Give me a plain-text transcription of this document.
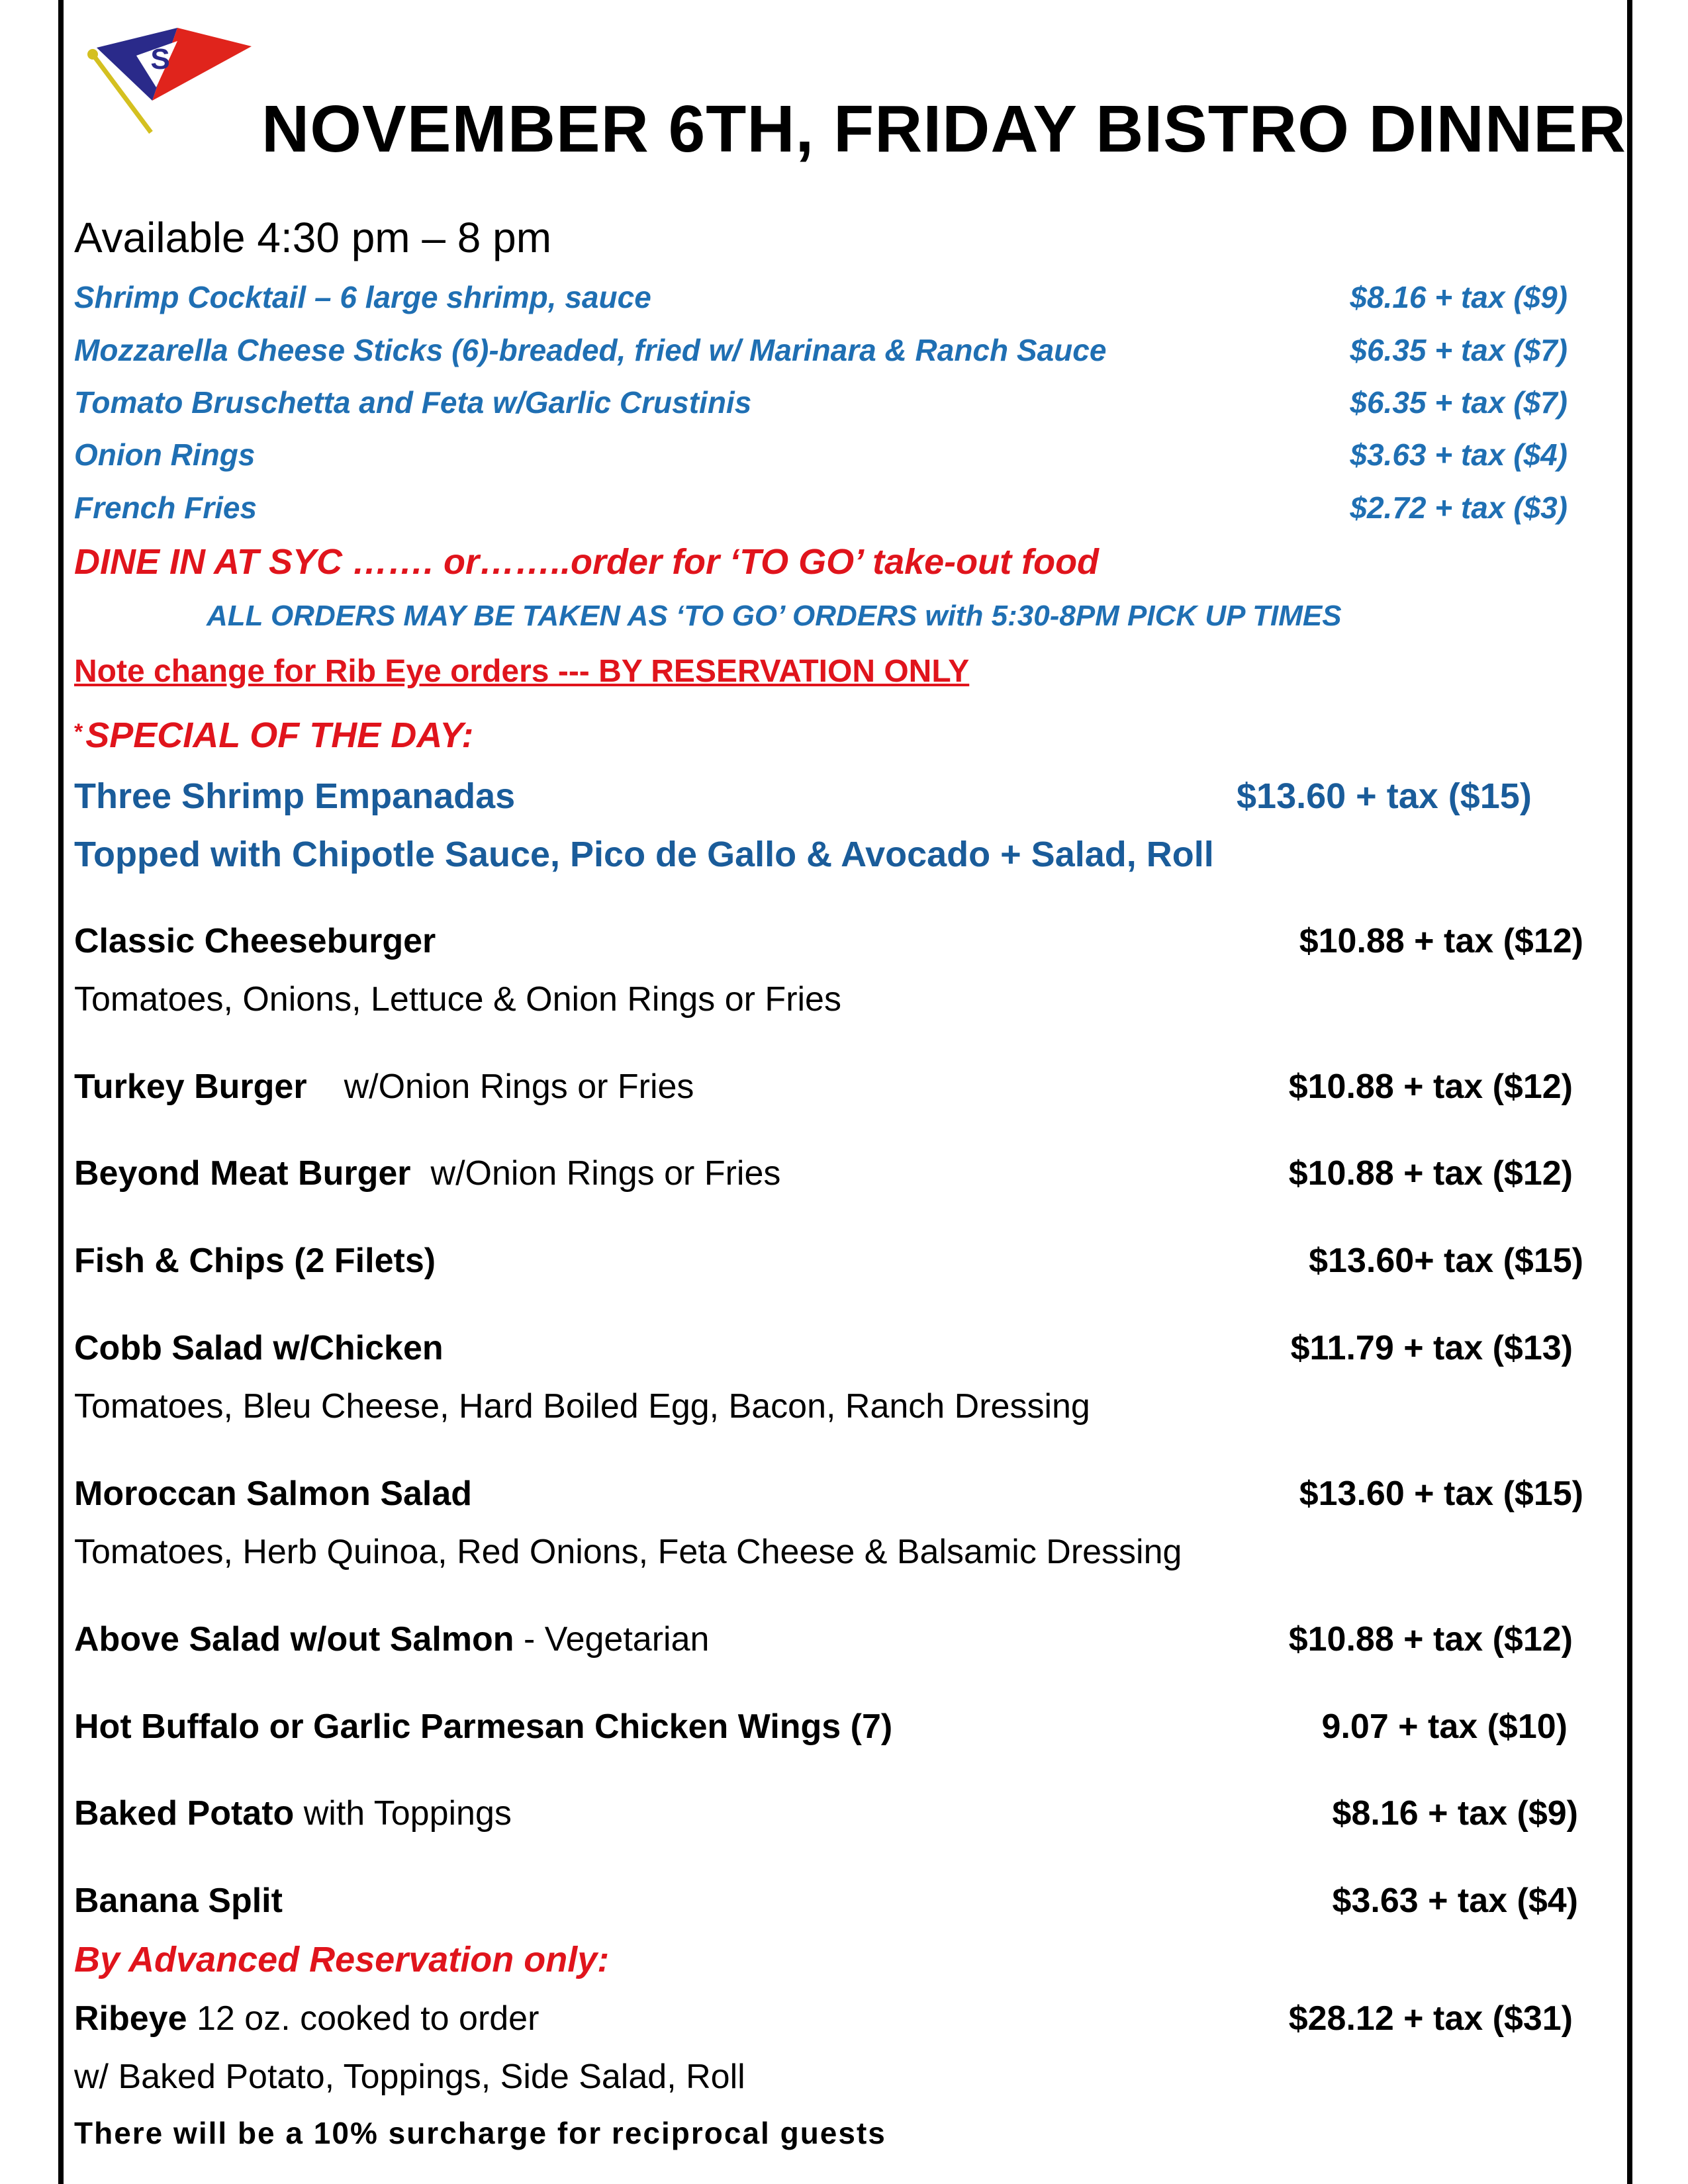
S
NOVEMBER 6TH, FRIDAY BISTRO DINNER
Available 4:30 pm – 8 pm
Shrimp Cocktail – 6 large shrimp, sauce	$8.16 + tax ($9)
Mozzarella Cheese Sticks (6)-breaded, fried w/ Marinara & Ranch Sauce	$6.35 + tax ($7)
Tomato Bruschetta and Feta w/Garlic Crustinis	$6.35 + tax ($7)
Onion Rings	$3.63 + tax ($4)
French Fries	$2.72 + tax ($3)
DINE IN AT SYC ……. or……..order for ‘TO GO’ take-out food
ALL ORDERS MAY BE TAKEN AS ‘TO GO’ ORDERS with 5:30-8PM PICK UP TIMES
Note change for Rib Eye orders --- BY RESERVATION ONLY
*SPECIAL OF THE DAY:
Three Shrimp Empanadas	$13.60 + tax ($15)
Topped with Chipotle Sauce, Pico de Gallo & Avocado + Salad, Roll
Classic Cheeseburger	$10.88 + tax ($12)
Tomatoes, Onions, Lettuce & Onion Rings or Fries
Turkey Burger w/Onion Rings or Fries	$10.88 + tax ($12)
Beyond Meat Burger w/Onion Rings or Fries	$10.88 + tax ($12)
Fish & Chips (2 Filets)	$13.60+ tax ($15)
Cobb Salad w/Chicken	$11.79 + tax ($13)
Tomatoes, Bleu Cheese, Hard Boiled Egg, Bacon, Ranch Dressing
Moroccan Salmon Salad	$13.60 + tax ($15)
Tomatoes, Herb Quinoa, Red Onions, Feta Cheese & Balsamic Dressing
Above Salad w/out Salmon - Vegetarian	$10.88 + tax ($12)
Hot Buffalo or Garlic Parmesan Chicken Wings (7)	9.07 + tax ($10)
Baked Potato with Toppings	$8.16 + tax ($9)
Banana Split	$3.63 + tax ($4)
By Advanced Reservation only:
Ribeye 12 oz. cooked to order	$28.12 + tax ($31)
w/ Baked Potato, Toppings, Side Salad, Roll
There will be a 10% surcharge for reciprocal guests
